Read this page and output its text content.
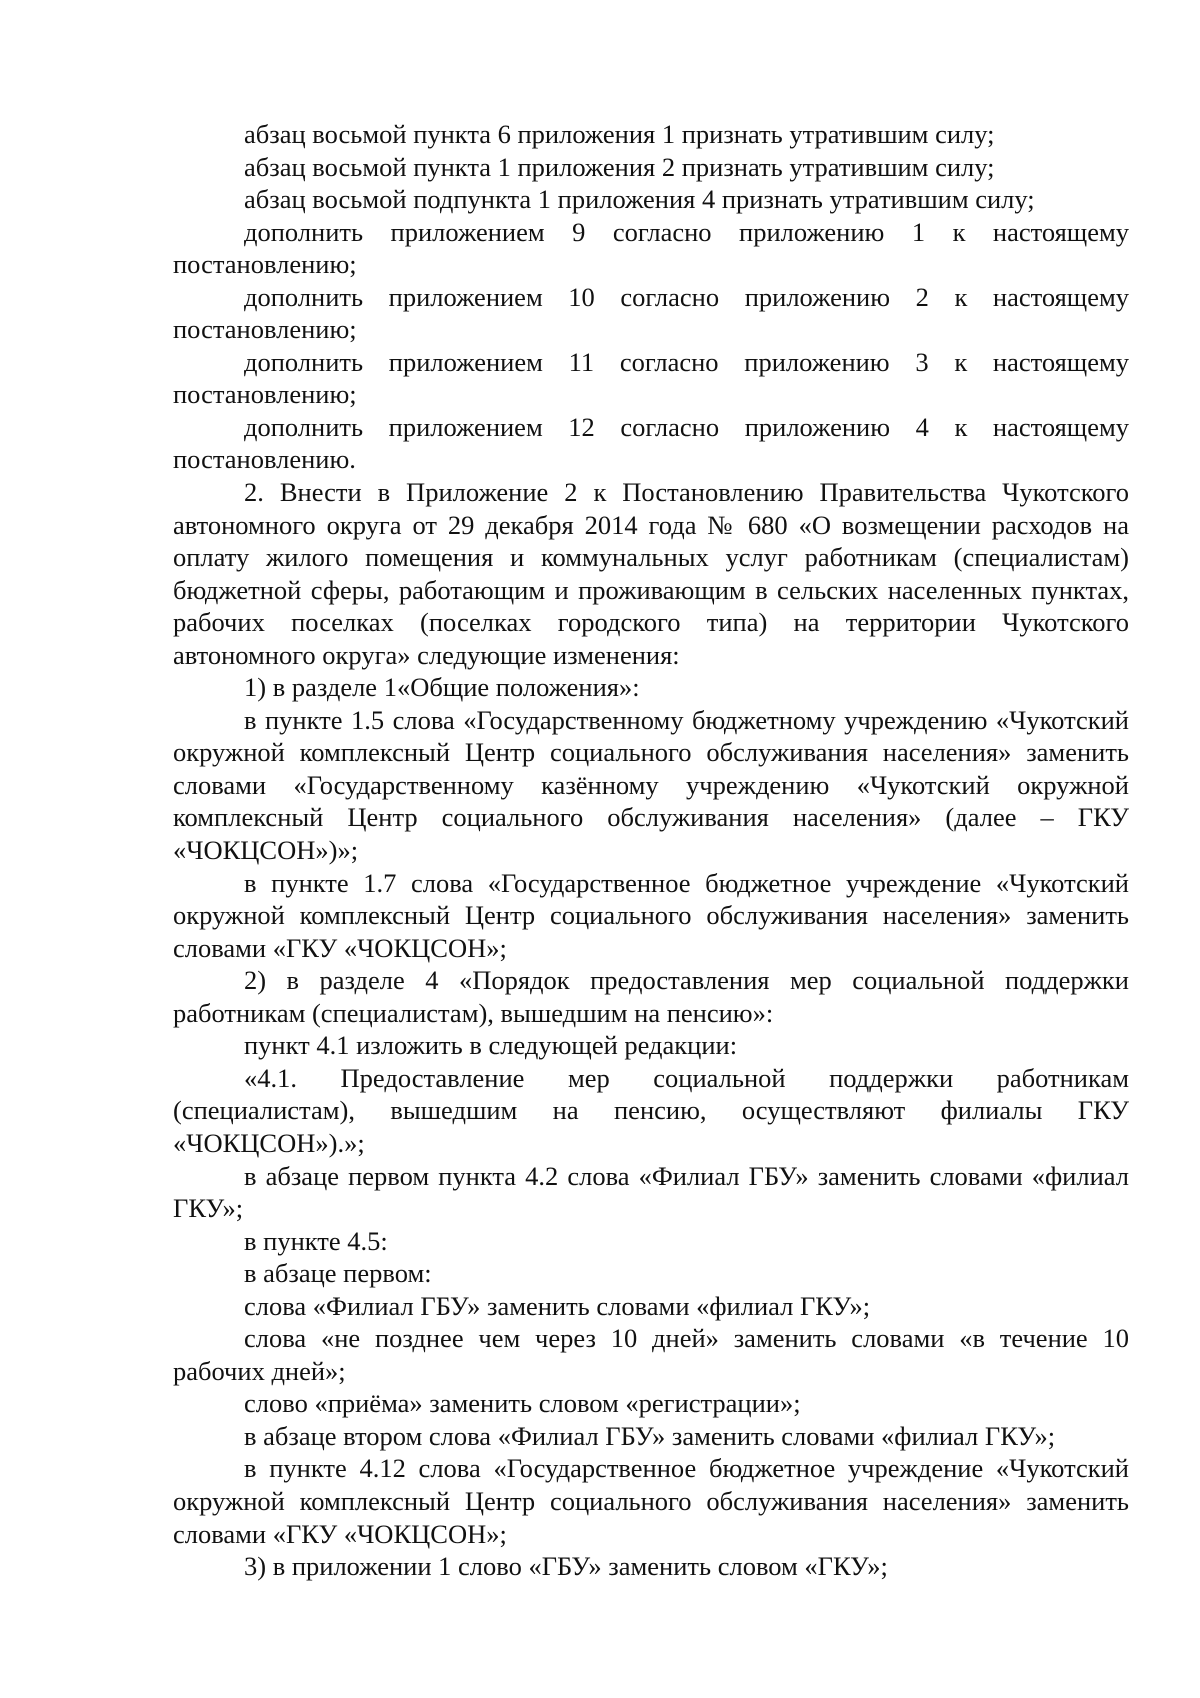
абзац восьмой пункта 6 приложения 1 признать утратившим силу;

абзац восьмой пункта 1 приложения 2 признать утратившим силу;

абзац восьмой подпункта 1 приложения 4 признать утратившим силу;

дополнить приложением 9 согласно приложению 1 к настоящему постановлению;

дополнить приложением 10 согласно приложению 2 к настоящему постановлению;

дополнить приложением 11 согласно приложению 3 к настоящему постановлению;

дополнить приложением 12 согласно приложению 4 к настоящему постановлению.

2. Внести в Приложение 2 к Постановлению Правительства Чукотского автономного округа от 29 декабря 2014 года № 680 «О возмещении расходов на оплату жилого помещения и коммунальных услуг работникам (специалистам) бюджетной сферы, работающим и проживающим в сельских населенных пунктах, рабочих поселках (поселках городского типа) на территории Чукотского автономного округа» следующие изменения:

1) в разделе 1«Общие положения»:

в пункте 1.5 слова «Государственному бюджетному учреждению «Чукотский окружной комплексный Центр социального обслуживания населения» заменить словами «Государственному казённому учреждению «Чукотский окружной комплексный Центр социального обслуживания населения» (далее – ГКУ «ЧОКЦСОН»)»;

в пункте 1.7 слова «Государственное бюджетное учреждение «Чукотский окружной комплексный Центр социального обслуживания населения» заменить словами «ГКУ «ЧОКЦСОН»;

2) в разделе 4 «Порядок предоставления мер социальной поддержки работникам (специалистам), вышедшим на пенсию»:

пункт 4.1 изложить в следующей редакции:

«4.1. Предоставление мер социальной поддержки работникам (специалистам), вышедшим на пенсию, осуществляют филиалы ГКУ «ЧОКЦСОН»).»;

в абзаце первом пункта 4.2 слова «Филиал ГБУ» заменить словами «филиал ГКУ»;

в пункте 4.5:

в абзаце первом:

слова «Филиал ГБУ» заменить словами «филиал ГКУ»;

слова «не позднее чем через 10 дней» заменить словами «в течение 10 рабочих дней»;

слово «приёма» заменить словом «регистрации»;

в абзаце втором слова «Филиал ГБУ» заменить словами «филиал ГКУ»;

в пункте 4.12 слова «Государственное бюджетное учреждение «Чукотский окружной комплексный Центр социального обслуживания населения» заменить словами «ГКУ «ЧОКЦСОН»;

3) в приложении 1 слово «ГБУ» заменить словом «ГКУ»;
